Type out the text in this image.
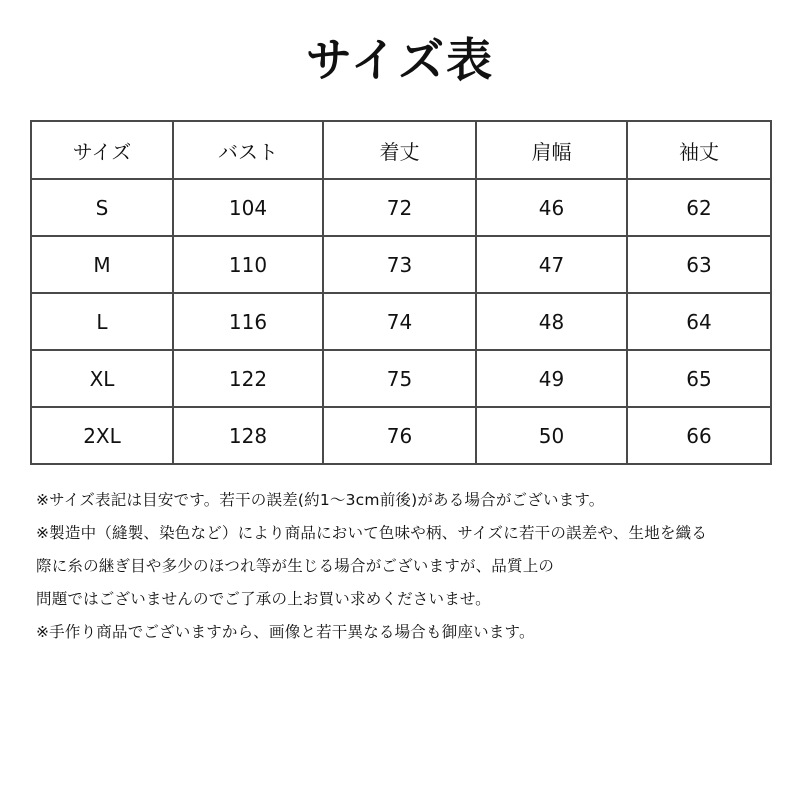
サイズ表
サイズ	バスト	着丈	肩幅	袖丈
S	104	72	46	62
M	110	73	47	63
L	116	74	48	64
XL	122	75	49	65
2XL	128	76	50	66

※サイズ表記は目安です。若干の誤差(約1～3cm前後)がある場合がございます。

※製造中（縫製、染色など）により商品において色味や柄、サイズに若干の誤差や、生地を織る

際に糸の継ぎ目や多少のほつれ等が生じる場合がございますが、品質上の

問題ではございませんのでご了承の上お買い求めくださいませ。

※手作り商品でございますから、画像と若干異なる場合も御座います。
